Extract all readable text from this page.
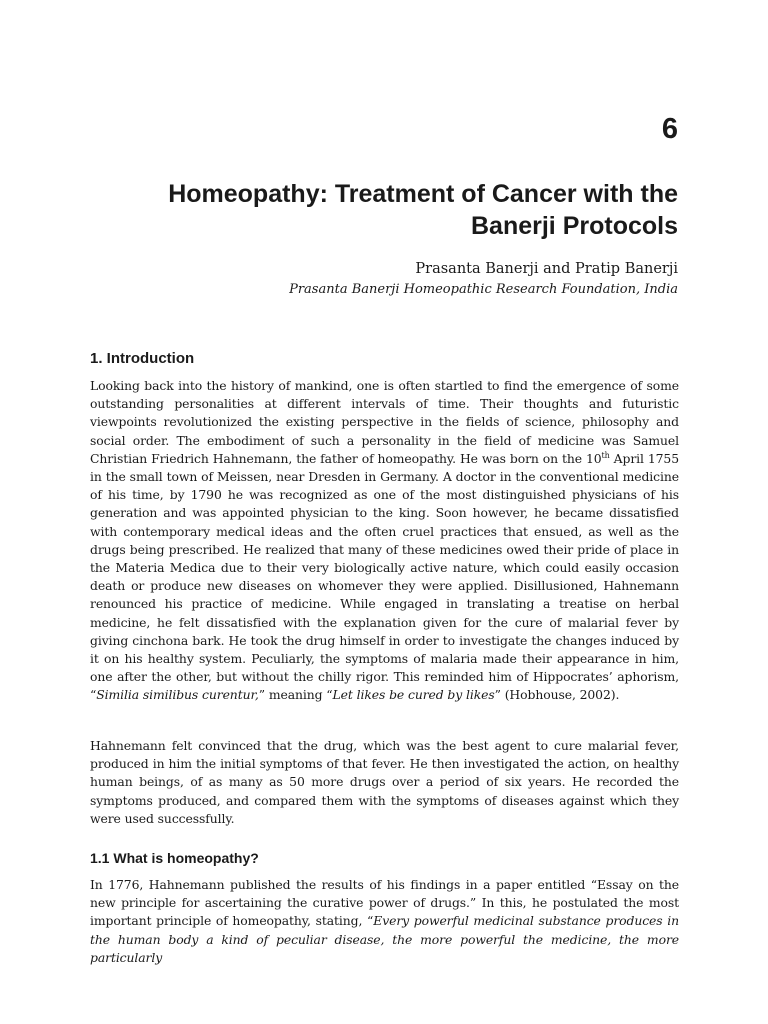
6
Homeopathy: Treatment of Cancer with the Banerji Protocols

Prasanta Banerji and Pratip Banerji

Prasanta Banerji Homeopathic Research Foundation, India

1. Introduction

Looking back into the history of mankind, one is often startled to find the emergence of some outstanding personalities at different intervals of time. Their thoughts and futuristic viewpoints revolutionized the existing perspective in the fields of science, philosophy and social order. The embodiment of such a personality in the field of medicine was Samuel Christian Friedrich Hahnemann, the father of homeopathy. He was born on the 10th April 1755 in the small town of Meissen, near Dresden in Germany. A doctor in the conventional medicine of his time, by 1790 he was recognized as one of the most distinguished physicians of his generation and was appointed physician to the king. Soon however, he became dissatisfied with contemporary medical ideas and the often cruel practices that ensued, as well as the drugs being prescribed. He realized that many of these medicines owed their pride of place in the Materia Medica due to their very biologically active nature, which could easily occasion death or produce new diseases on whomever they were applied. Disillusioned, Hahnemann renounced his practice of medicine. While engaged in translating a treatise on herbal medicine, he felt dissatisfied with the explanation given for the cure of malarial fever by giving cinchona bark. He took the drug himself in order to investigate the changes induced by it on his healthy system. Peculiarly, the symptoms of malaria made their appearance in him, one after the other, but without the chilly rigor. This reminded him of Hippocrates’ aphorism, “Similia similibus curentur,” meaning “Let likes be cured by likes” (Hobhouse, 2002).

Hahnemann felt convinced that the drug, which was the best agent to cure malarial fever, produced in him the initial symptoms of that fever. He then investigated the action, on healthy human beings, of as many as 50 more drugs over a period of six years. He recorded the symptoms produced, and compared them with the symptoms of diseases against which they were used successfully.

1.1 What is homeopathy?

In 1776, Hahnemann published the results of his findings in a paper entitled “Essay on the new principle for ascertaining the curative power of drugs.” In this, he postulated the most important principle of homeopathy, stating, “Every powerful medicinal substance produces in the human body a kind of peculiar disease, the more powerful the medicine, the more particularly
